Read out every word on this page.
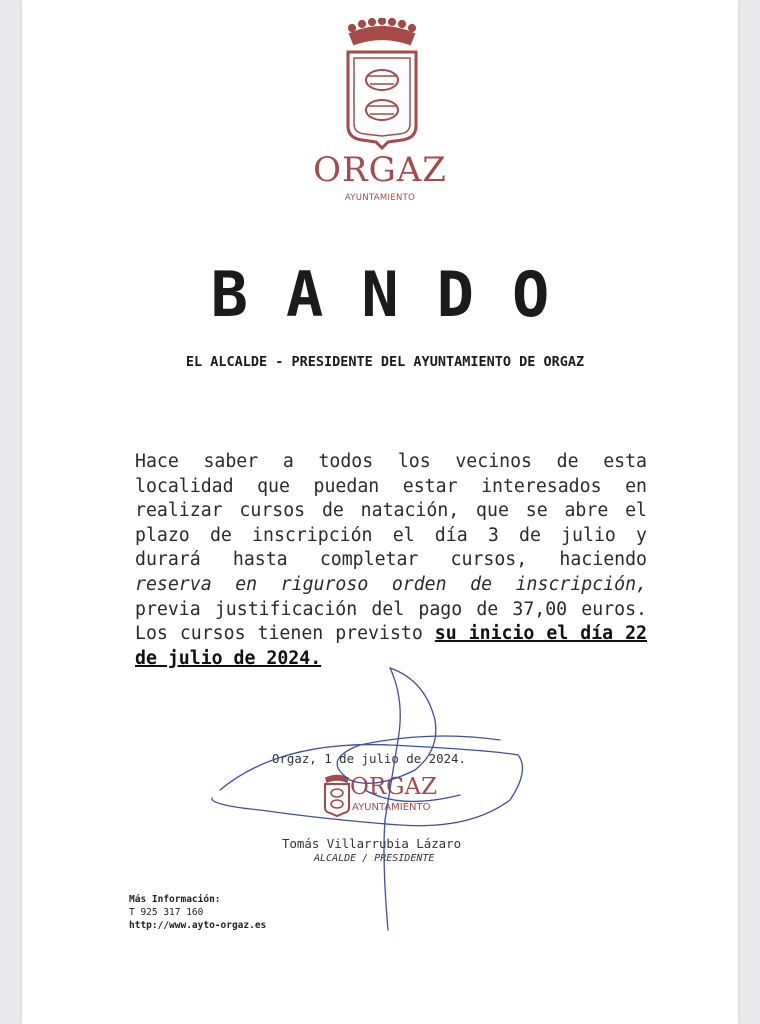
ORGAZ
AYUNTAMIENTO
BANDO
EL ALCALDE - PRESIDENTE DEL AYUNTAMIENTO DE ORGAZ
Hace saber a todos los vecinos de esta localidad que puedan estar interesados en realizar cursos de natación, que se abre el plazo de inscripción el día 3 de julio y durará hasta completar cursos, haciendo reserva en riguroso orden de inscripción, previa justificación del pago de 37,00 euros. Los cursos tienen previsto su inicio el día 22 de julio de 2024.
Orgaz, 1 de julio de 2024.
ORGAZ
AYUNTAMIENTO
Tomás Villarrubia Lázaro
ALCALDE / PRESIDENTE
Más Información:
T 925 317 160
http://www.ayto-orgaz.es
